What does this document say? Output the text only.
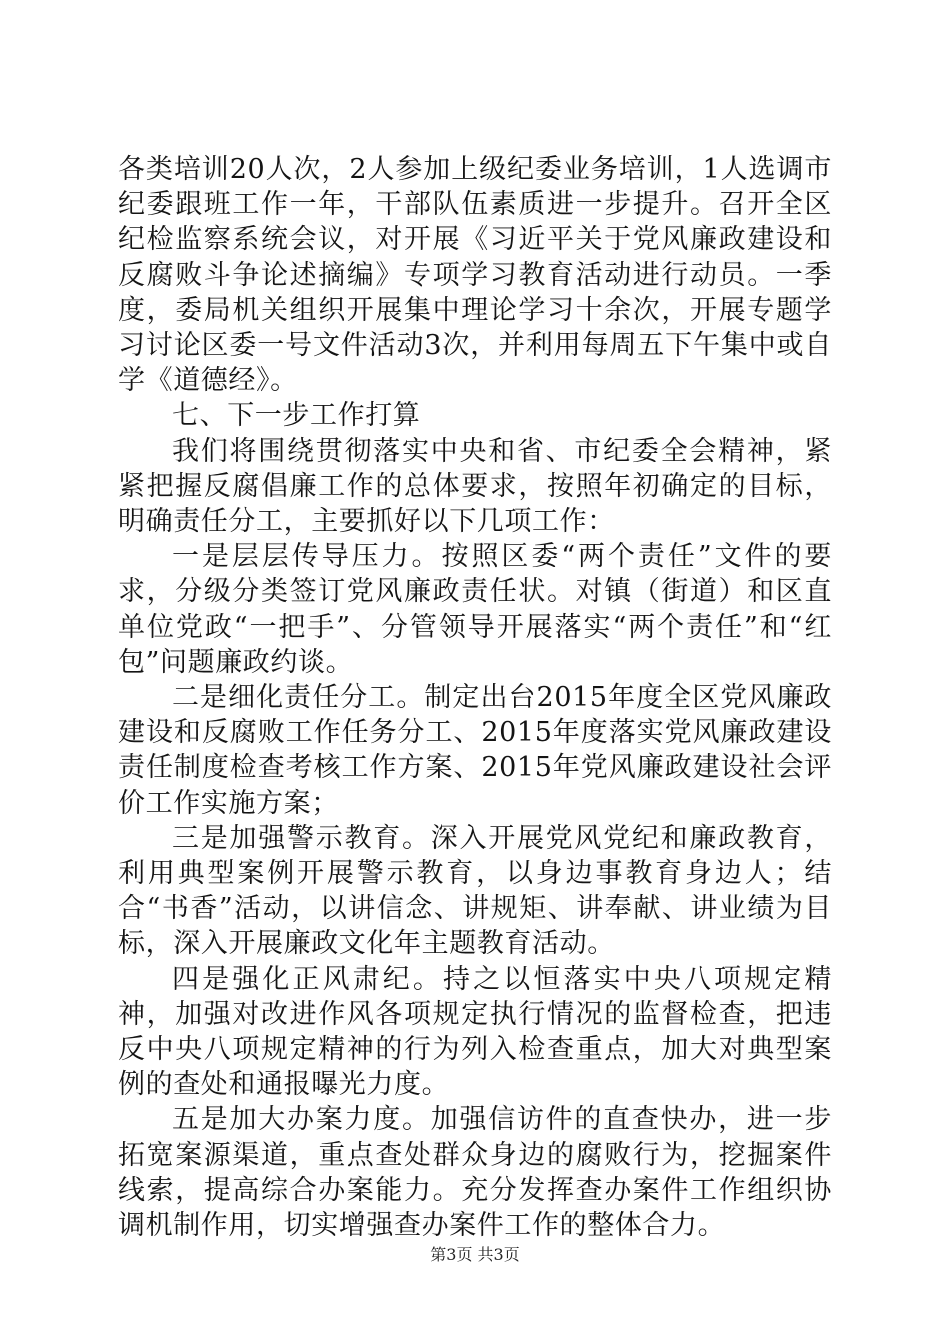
各类培训20人次，2人参加上级纪委业务培训，1人选调市纪委跟班工作一年，干部队伍素质进一步提升。召开全区纪检监察系统会议，对开展《习近平关于党风廉政建设和反腐败斗争论述摘编》专项学习教育活动进行动员。一季度，委局机关组织开展集中理论学习十余次，开展专题学习讨论区委一号文件活动3次，并利用每周五下午集中或自学《道德经》。

七、下一步工作打算

我们将围绕贯彻落实中央和省、市纪委全会精神，紧紧把握反腐倡廉工作的总体要求，按照年初确定的目标，明确责任分工，主要抓好以下几项工作：

一是层层传导压力。按照区委“两个责任”文件的要求，分级分类签订党风廉政责任状。对镇（街道）和区直单位党政“一把手”、分管领导开展落实“两个责任”和“红包”问题廉政约谈。

二是细化责任分工。制定出台2015年度全区党风廉政建设和反腐败工作任务分工、2015年度落实党风廉政建设责任制度检查考核工作方案、2015年党风廉政建设社会评价工作实施方案；

三是加强警示教育。深入开展党风党纪和廉政教育，利用典型案例开展警示教育，以身边事教育身边人；结合“书香”活动，以讲信念、讲规矩、讲奉献、讲业绩为目标，深入开展廉政文化年主题教育活动。

四是强化正风肃纪。持之以恒落实中央八项规定精神，加强对改进作风各项规定执行情况的监督检查，把违反中央八项规定精神的行为列入检查重点，加大对典型案例的查处和通报曝光力度。

五是加大办案力度。加强信访件的直查快办，进一步拓宽案源渠道，重点查处群众身边的腐败行为，挖掘案件线索，提高综合办案能力。充分发挥查办案件工作组织协调机制作用，切实增强查办案件工作的整体合力。

第3页 共3页
